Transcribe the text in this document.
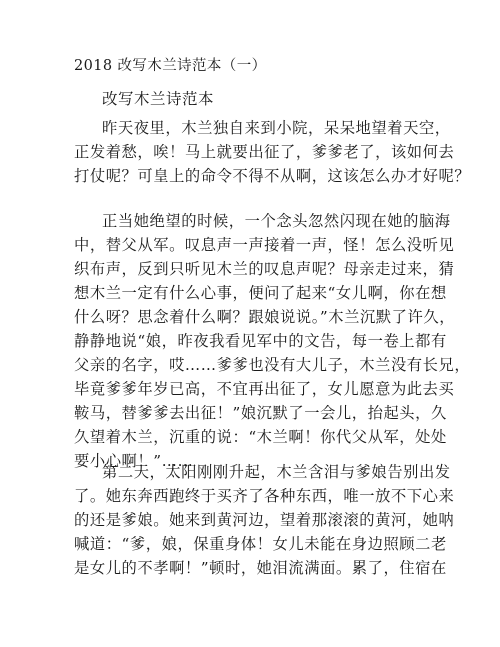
2018 改写木兰诗范本（一）
改写木兰诗范本
昨天夜里，木兰独自来到小院，呆呆地望着天空，
正发着愁，唉！马上就要出征了，爹爹老了，该如何去
打仗呢？可皇上的命令不得不从啊，这该怎么办才好呢？
正当她绝望的时候，一个念头忽然闪现在她的脑海
中，替父从军。叹息声一声接着一声，怪！怎么没听见
织布声，反到只听见木兰的叹息声呢？母亲走过来，猜
想木兰一定有什么心事，便问了起来“女儿啊，你在想
什么呀？思念着什么啊？跟娘说说。”木兰沉默了许久，
静静地说“娘，昨夜我看见军中的文告，每一卷上都有
父亲的名字，哎……爹爹也没有大儿子，木兰没有长兄，
毕竟爹爹年岁已高，不宜再出征了，女儿愿意为此去买
鞍马，替爹爹去出征！”娘沉默了一会儿，抬起头，久
久望着木兰，沉重的说：“木兰啊！你代父从军，处处
要小心啊！”……
第二天，太阳刚刚升起，木兰含泪与爹娘告别出发
了。她东奔西跑终于买齐了各种东西，唯一放不下心来
的还是爹娘。她来到黄河边，望着那滚滚的黄河，她呐
喊道：“爹，娘，保重身体！女儿未能在身边照顾二老
是女儿的不孝啊！”顿时，她泪流满面。累了，住宿在
